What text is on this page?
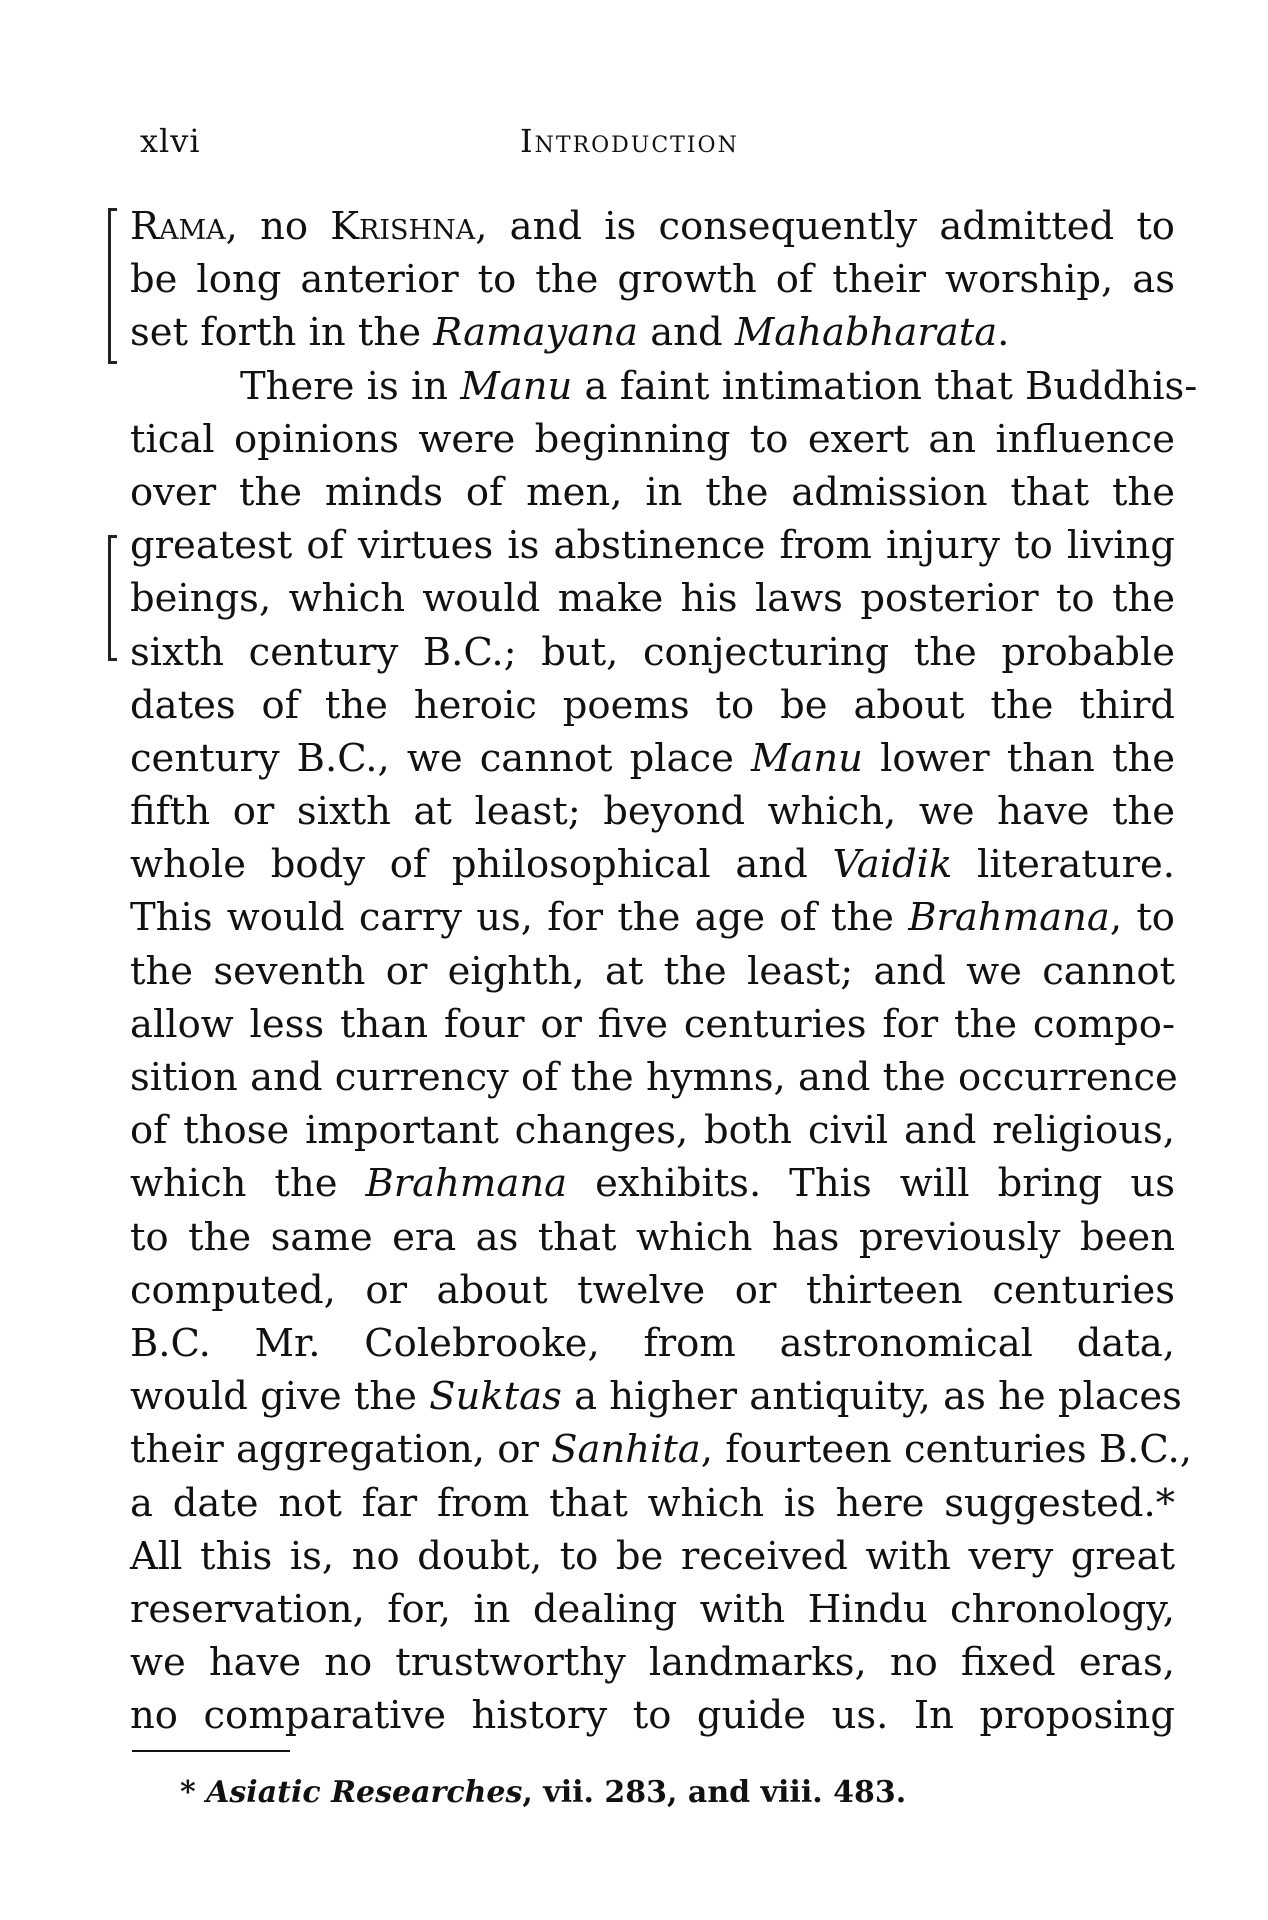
xlvi	Introduction
Rama, no Krishna, and is consequently admitted to
be long anterior to the growth of their worship, as
set forth in the Ramayana and Mahabharata.
There is in Manu a faint intimation that Buddhis-
tical opinions were beginning to exert an influence
over the minds of men, in the admission that the
greatest of virtues is abstinence from injury to living
beings, which would make his laws posterior to the
sixth century B.C.; but, conjecturing the probable
dates of the heroic poems to be about the third
century B.C., we cannot place Manu lower than the
fifth or sixth at least; beyond which, we have the
whole body of philosophical and Vaidik literature.
This would carry us, for the age of the Brahmana, to
the seventh or eighth, at the least; and we cannot
allow less than four or five centuries for the compo-
sition and currency of the hymns, and the occurrence
of those important changes, both civil and religious,
which the Brahmana exhibits. This will bring us
to the same era as that which has previously been
computed, or about twelve or thirteen centuries
B.C. Mr. Colebrooke, from astronomical data,
would give the Suktas a higher antiquity, as he places
their aggregation, or Sanhita, fourteen centuries B.C.,
a date not far from that which is here suggested.*
All this is, no doubt, to be received with very great
reservation, for, in dealing with Hindu chronology,
we have no trustworthy landmarks, no fixed eras,
no comparative history to guide us. In proposing
* Asiatic Researches, vii. 283, and viii. 483.
